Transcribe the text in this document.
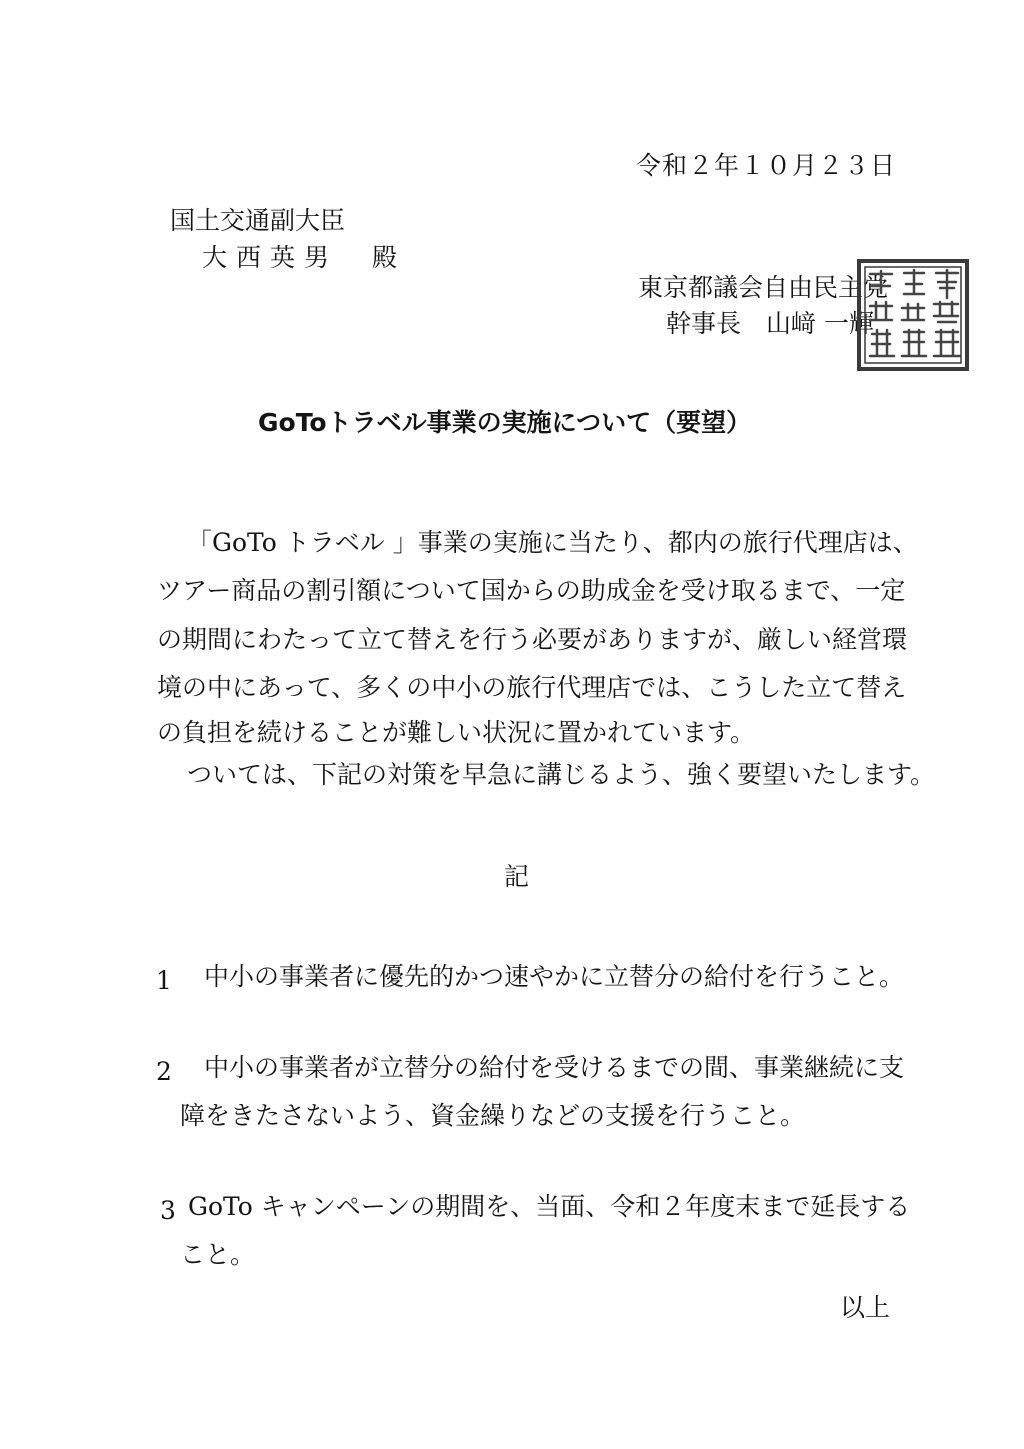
令和２年１０月２３日
国土交通副大臣
大西英男　殿
東京都議会自由民主党
幹事長　山﨑 一輝
GoToトラベル事業の実施について（要望）
「GoTo トラベル 」事業の実施に当たり、都内の旅行代理店は、
ツアー商品の割引額について国からの助成金を受け取るまで、一定
の期間にわたって立て替えを行う必要がありますが、厳しい経営環
境の中にあって、多くの中小の旅行代理店では、こうした立て替え
の負担を続けることが難しい状況に置かれています。
ついては、下記の対策を早急に講じるよう、強く要望いたします。
記
1 中小の事業者に優先的かつ速やかに立替分の給付を行うこと。
2 中小の事業者が立替分の給付を受けるまでの間、事業継続に支
障をきたさないよう、資金繰りなどの支援を行うこと。
3 GoTo キャンペーンの期間を、当面、令和２年度末まで延長する
こと。
以上
